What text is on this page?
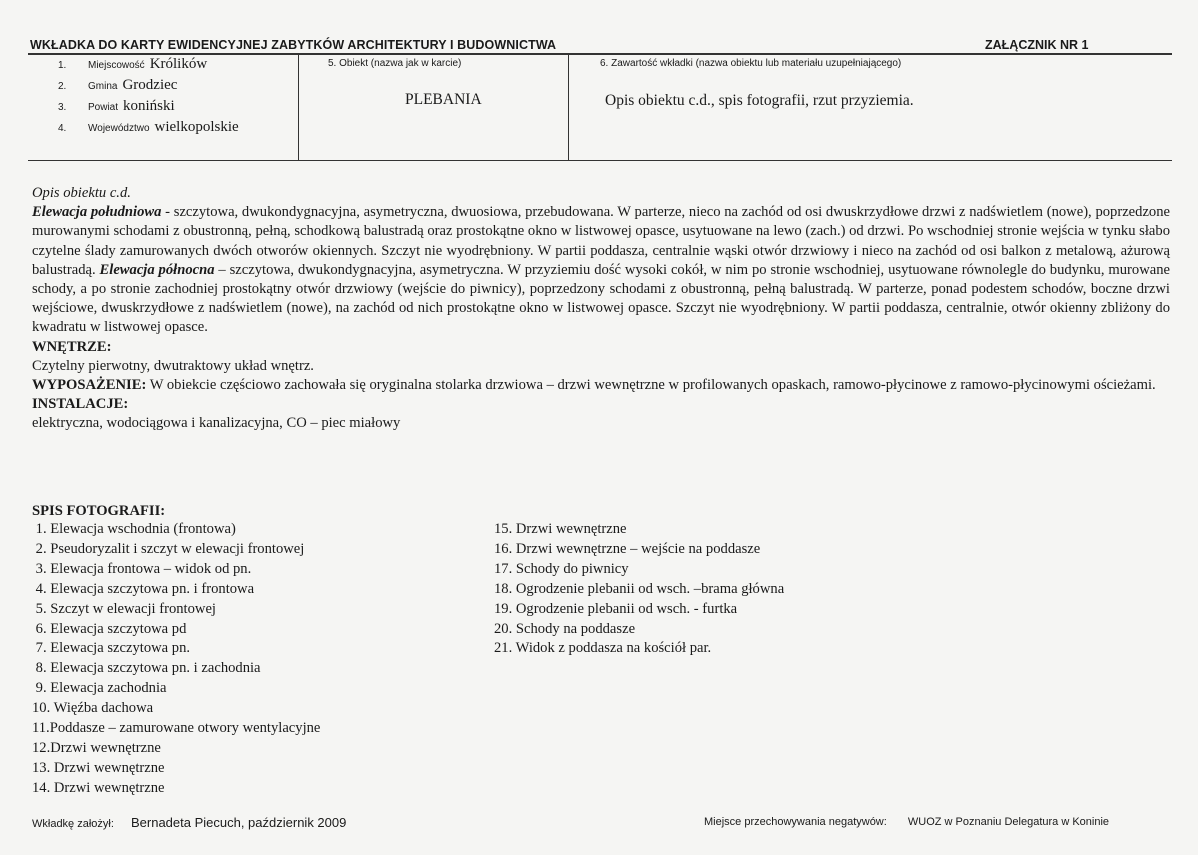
WKŁADKA DO KARTY EWIDENCYJNEJ ZABYTKÓW ARCHITEKTURY I BUDOWNICTWA	ZAŁĄCZNIK NR 1
1. Miejscowość Królików
2. Gmina Grodziec
3. Powiat koniński
4. Województwo wielkopolskie
5. Obiekt (nazwa jak w karcie)
PLEBANIA
6. Zawartość wkładki (nazwa obiektu lub materiału uzupełniającego)
Opis obiektu c.d., spis fotografii, rzut przyziemia.

Opis obiektu c.d.

Elewacja południowa - szczytowa, dwukondygnacyjna, asymetryczna, dwuosiowa, przebudowana. W parterze, nieco na zachód od osi dwuskrzydłowe drzwi z nadświetlem (nowe), poprzedzone murowanymi schodami z obustronną, pełną, schodkową balustradą oraz prostokątne okno w listwowej opasce, usytuowane na lewo (zach.) od drzwi. Po wschodniej stronie wejścia w tynku słabo czytelne ślady zamurowanych dwóch otworów okiennych. Szczyt nie wyodrębniony. W partii poddasza, centralnie wąski otwór drzwiowy i nieco na zachód od osi balkon z metalową, ażurową balustradą. Elewacja północna – szczytowa, dwukondygnacyjna, asymetryczna. W przyziemiu dość wysoki cokół, w nim po stronie wschodniej, usytuowane równolegle do budynku, murowane schody, a po stronie zachodniej prostokątny otwór drzwiowy (wejście do piwnicy), poprzedzony schodami z obustronną, pełną balustradą. W parterze, ponad podestem schodów, boczne drzwi wejściowe, dwuskrzydłowe z nadświetlem (nowe), na zachód od nich prostokątne okno w listwowej opasce. Szczyt nie wyodrębniony. W partii poddasza, centralnie, otwór okienny zbliżony do kwadratu w listwowej opasce.

WNĘTRZE:

Czytelny pierwotny, dwutraktowy układ wnętrz.

WYPOSAŻENIE: W obiekcie częściowo zachowała się oryginalna stolarka drzwiowa – drzwi wewnętrzne w profilowanych opaskach, ramowo-płycinowe z ramowo-płycinowymi ościeżami.

INSTALACJE:

elektryczna, wodociągowa i kanalizacyjna, CO – piec miałowy

SPIS FOTOGRAFII:
1. Elewacja wschodnia (frontowa)
2. Pseudoryzalit i szczyt w elewacji frontowej
3. Elewacja frontowa – widok od pn.
4. Elewacja szczytowa pn. i frontowa
5. Szczyt w elewacji frontowej
6. Elewacja szczytowa pd
7. Elewacja szczytowa pn.
8. Elewacja szczytowa pn. i zachodnia
9. Elewacja zachodnia
10. Więźba dachowa
11.Poddasze – zamurowane otwory wentylacyjne
12.Drzwi wewnętrzne
13. Drzwi wewnętrzne
14. Drzwi wewnętrzne
15. Drzwi wewnętrzne
16. Drzwi wewnętrzne – wejście na poddasze
17. Schody do piwnicy
18. Ogrodzenie plebanii od wsch. –brama główna
19. Ogrodzenie plebanii od wsch. - furtka
20. Schody na poddasze
21. Widok z poddasza na kościół par.
Wkładkę założył: Bernadeta Piecuch, październik 2009	Miejsce przechowywania negatywów: WUOZ w Poznaniu Delegatura w Koninie
